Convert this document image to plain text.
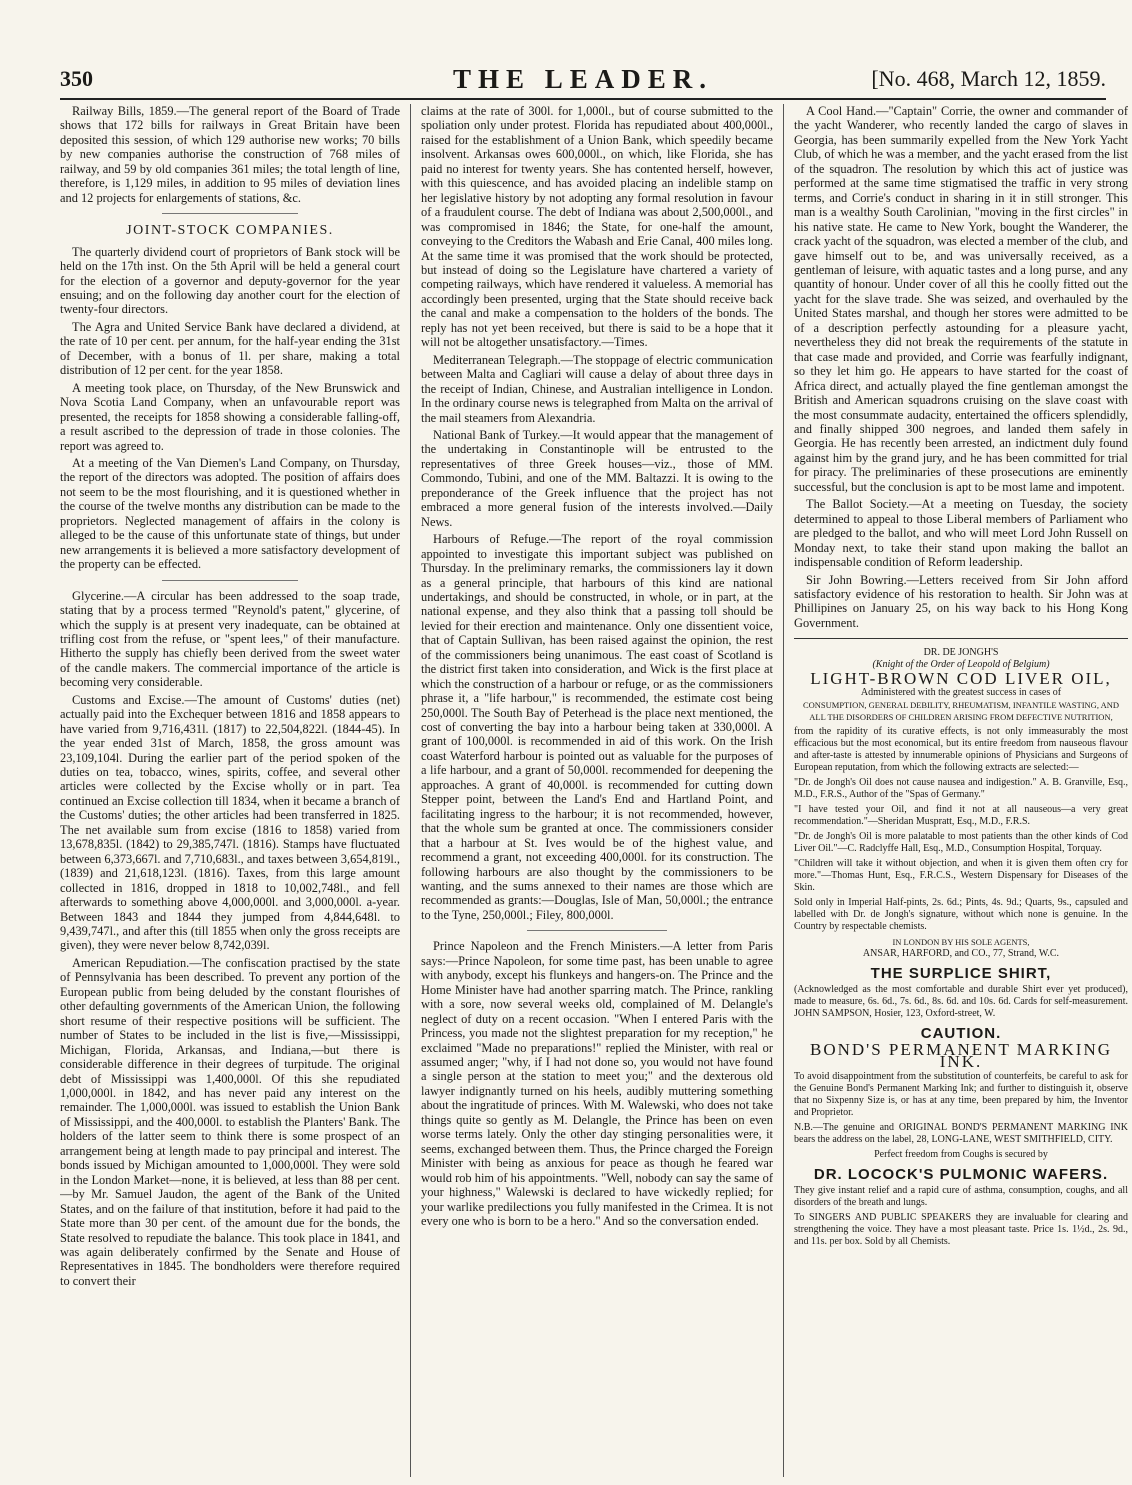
350	THE LEADER.	[No. 468, March 12, 1859.

Railway Bills, 1859.—The general report of the Board of Trade shows that 172 bills for railways in Great Britain have been deposited this session, of which 129 authorise new works; 70 bills by new companies authorise the construction of 768 miles of railway, and 59 by old companies 361 miles; the total length of line, therefore, is 1,129 miles, in addition to 95 miles of deviation lines and 12 projects for enlargements of stations, &c.

JOINT-STOCK COMPANIES.

The quarterly dividend court of proprietors of Bank stock will be held on the 17th inst. On the 5th April will be held a general court for the election of a governor and deputy-governor for the year ensuing; and on the following day another court for the election of twenty-four directors.

The Agra and United Service Bank have declared a dividend, at the rate of 10 per cent. per annum, for the half-year ending the 31st of December, with a bonus of 1l. per share, making a total distribution of 12 per cent. for the year 1858.

A meeting took place, on Thursday, of the New Brunswick and Nova Scotia Land Company, when an unfavourable report was presented, the receipts for 1858 showing a considerable falling-off, a result ascribed to the depression of trade in those colonies. The report was agreed to.

At a meeting of the Van Diemen's Land Company, on Thursday, the report of the directors was adopted. The position of affairs does not seem to be the most flourishing, and it is questioned whether in the course of the twelve months any distribution can be made to the proprietors. Neglected management of affairs in the colony is alleged to be the cause of this unfortunate state of things, but under new arrangements it is believed a more satisfactory development of the property can be effected.

Glycerine.—A circular has been addressed to the soap trade, stating that by a process termed "Reynold's patent," glycerine, of which the supply is at present very inadequate, can be obtained at trifling cost from the refuse, or "spent lees," of their manufacture. Hitherto the supply has chiefly been derived from the sweet water of the candle makers. The commercial importance of the article is becoming very considerable.

Customs and Excise.—The amount of Customs' duties (net) actually paid into the Exchequer between 1816 and 1858 appears to have varied from 9,716,431l. (1817) to 22,504,822l. (1844-45). In the year ended 31st of March, 1858, the gross amount was 23,109,104l. During the earlier part of the period spoken of the duties on tea, tobacco, wines, spirits, coffee, and several other articles were collected by the Excise wholly or in part. Tea continued an Excise collection till 1834, when it became a branch of the Customs' duties; the other articles had been transferred in 1825. The net available sum from excise (1816 to 1858) varied from 13,678,835l. (1842) to 29,385,747l. (1816). Stamps have fluctuated between 6,373,667l. and 7,710,683l., and taxes between 3,654,819l., (1839) and 21,618,123l. (1816). Taxes, from this large amount collected in 1816, dropped in 1818 to 10,002,748l., and fell afterwards to something above 4,000,000l. and 3,000,000l. a-year. Between 1843 and 1844 they jumped from 4,844,648l. to 9,439,747l., and after this (till 1855 when only the gross receipts are given), they were never below 8,742,039l.

American Repudiation.—The confiscation practised by the state of Pennsylvania has been described. To prevent any portion of the European public from being deluded by the constant flourishes of other defaulting governments of the American Union, the following short resume of their respective positions will be sufficient. The number of States to be included in the list is five,—Mississippi, Michigan, Florida, Arkansas, and Indiana,—but there is considerable difference in their degrees of turpitude. The original debt of Mississippi was 1,400,000l. Of this she repudiated 1,000,000l. in 1842, and has never paid any interest on the remainder. The 1,000,000l. was issued to establish the Union Bank of Mississippi, and the 400,000l. to establish the Planters' Bank. The holders of the latter seem to think there is some prospect of an arrangement being at length made to pay principal and interest. The bonds issued by Michigan amounted to 1,000,000l. They were sold in the London Market—none, it is believed, at less than 88 per cent.—by Mr. Samuel Jaudon, the agent of the Bank of the United States, and on the failure of that institution, before it had paid to the State more than 30 per cent. of the amount due for the bonds, the State resolved to repudiate the balance. This took place in 1841, and was again deliberately confirmed by the Senate and House of Representatives in 1845. The bondholders were therefore required to convert their

claims at the rate of 300l. for 1,000l., but of course submitted to the spoliation only under protest. Florida has repudiated about 400,000l., raised for the establishment of a Union Bank, which speedily became insolvent. Arkansas owes 600,000l., on which, like Florida, she has paid no interest for twenty years. She has contented herself, however, with this quiescence, and has avoided placing an indelible stamp on her legislative history by not adopting any formal resolution in favour of a fraudulent course. The debt of Indiana was about 2,500,000l., and was compromised in 1846; the State, for one-half the amount, conveying to the Creditors the Wabash and Erie Canal, 400 miles long. At the same time it was promised that the work should be protected, but instead of doing so the Legislature have chartered a variety of competing railways, which have rendered it valueless. A memorial has accordingly been presented, urging that the State should receive back the canal and make a compensation to the holders of the bonds. The reply has not yet been received, but there is said to be a hope that it will not be altogether unsatisfactory.—Times.

Mediterranean Telegraph.—The stoppage of electric communication between Malta and Cagliari will cause a delay of about three days in the receipt of Indian, Chinese, and Australian intelligence in London. In the ordinary course news is telegraphed from Malta on the arrival of the mail steamers from Alexandria.

National Bank of Turkey.—It would appear that the management of the undertaking in Constantinople will be entrusted to the representatives of three Greek houses—viz., those of MM. Commondo, Tubini, and one of the MM. Baltazzi. It is owing to the preponderance of the Greek influence that the project has not embraced a more general fusion of the interests involved.—Daily News.

Harbours of Refuge.—The report of the royal commission appointed to investigate this important subject was published on Thursday. In the preliminary remarks, the commissioners lay it down as a general principle, that harbours of this kind are national undertakings, and should be constructed, in whole, or in part, at the national expense, and they also think that a passing toll should be levied for their erection and maintenance. Only one dissentient voice, that of Captain Sullivan, has been raised against the opinion, the rest of the commissioners being unanimous. The east coast of Scotland is the district first taken into consideration, and Wick is the first place at which the construction of a harbour or refuge, or as the commissioners phrase it, a "life harbour," is recommended, the estimate cost being 250,000l. The South Bay of Peterhead is the place next mentioned, the cost of converting the bay into a harbour being taken at 330,000l. A grant of 100,000l. is recommended in aid of this work. On the Irish coast Waterford harbour is pointed out as valuable for the purposes of a life harbour, and a grant of 50,000l. recommended for deepening the approaches. A grant of 40,000l. is recommended for cutting down Stepper point, between the Land's End and Hartland Point, and facilitating ingress to the harbour; it is not recommended, however, that the whole sum be granted at once. The commissioners consider that a harbour at St. Ives would be of the highest value, and recommend a grant, not exceeding 400,000l. for its construction. The following harbours are also thought by the commissioners to be wanting, and the sums annexed to their names are those which are recommended as grants:—Douglas, Isle of Man, 50,000l.; the entrance to the Tyne, 250,000l.; Filey, 800,000l.

Prince Napoleon and the French Ministers.—A letter from Paris says:—Prince Napoleon, for some time past, has been unable to agree with anybody, except his flunkeys and hangers-on. The Prince and the Home Minister have had another sparring match. The Prince, rankling with a sore, now several weeks old, complained of M. Delangle's neglect of duty on a recent occasion. "When I entered Paris with the Princess, you made not the slightest preparation for my reception," he exclaimed "Made no preparations!" replied the Minister, with real or assumed anger; "why, if I had not done so, you would not have found a single person at the station to meet you;" and the dexterous old lawyer indignantly turned on his heels, audibly muttering something about the ingratitude of princes. With M. Walewski, who does not take things quite so gently as M. Delangle, the Prince has been on even worse terms lately. Only the other day stinging personalities were, it seems, exchanged between them. Thus, the Prince charged the Foreign Minister with being as anxious for peace as though he feared war would rob him of his appointments. "Well, nobody can say the same of your highness," Walewski is declared to have wickedly replied; for your warlike predilections you fully manifested in the Crimea. It is not every one who is born to be a hero." And so the conversation ended.

A Cool Hand.—"Captain" Corrie, the owner and commander of the yacht Wanderer, who recently landed the cargo of slaves in Georgia, has been summarily expelled from the New York Yacht Club, of which he was a member, and the yacht erased from the list of the squadron. The resolution by which this act of justice was performed at the same time stigmatised the traffic in very strong terms, and Corrie's conduct in sharing in it in still stronger. This man is a wealthy South Carolinian, "moving in the first circles" in his native state. He came to New York, bought the Wanderer, the crack yacht of the squadron, was elected a member of the club, and gave himself out to be, and was universally received, as a gentleman of leisure, with aquatic tastes and a long purse, and any quantity of honour. Under cover of all this he coolly fitted out the yacht for the slave trade. She was seized, and overhauled by the United States marshal, and though her stores were admitted to be of a description perfectly astounding for a pleasure yacht, nevertheless they did not break the requirements of the statute in that case made and provided, and Corrie was fearfully indignant, so they let him go. He appears to have started for the coast of Africa direct, and actually played the fine gentleman amongst the British and American squadrons cruising on the slave coast with the most consummate audacity, entertained the officers splendidly, and finally shipped 300 negroes, and landed them safely in Georgia. He has recently been arrested, an indictment duly found against him by the grand jury, and he has been committed for trial for piracy. The preliminaries of these prosecutions are eminently successful, but the conclusion is apt to be most lame and impotent.

The Ballot Society.—At a meeting on Tuesday, the society determined to appeal to those Liberal members of Parliament who are pledged to the ballot, and who will meet Lord John Russell on Monday next, to take their stand upon making the ballot an indispensable condition of Reform leadership.

Sir John Bowring.—Letters received from Sir John afford satisfactory evidence of his restoration to health. Sir John was at Phillipines on January 25, on his way back to his Hong Kong Government.

DR. DE JONGH'S
(Knight of the Order of Leopold of Belgium)
LIGHT-BROWN COD LIVER OIL,
Administered with the greatest success in cases of
CONSUMPTION, GENERAL DEBILITY, RHEUMATISM, INFANTILE WASTING, AND ALL THE DISORDERS OF CHILDREN ARISING FROM DEFECTIVE NUTRITION,

from the rapidity of its curative effects, is not only immeasurably the most efficacious but the most economical, but its entire freedom from nauseous flavour and after-taste is attested by innumerable opinions of Physicians and Surgeons of European reputation, from which the following extracts are selected:—

"Dr. de Jongh's Oil does not cause nausea and indigestion." A. B. Granville, Esq., M.D., F.R.S., Author of the "Spas of Germany."

"I have tested your Oil, and find it not at all nauseous—a very great recommendation."—Sheridan Muspratt, Esq., M.D., F.R.S.

"Dr. de Jongh's Oil is more palatable to most patients than the other kinds of Cod Liver Oil."—C. Radclyffe Hall, Esq., M.D., Consumption Hospital, Torquay.

"Children will take it without objection, and when it is given them often cry for more."—Thomas Hunt, Esq., F.R.C.S., Western Dispensary for Diseases of the Skin.

Sold only in Imperial Half-pints, 2s. 6d.; Pints, 4s. 9d.; Quarts, 9s., capsuled and labelled with Dr. de Jongh's signature, without which none is genuine. In the Country by respectable chemists.

IN LONDON BY HIS SOLE AGENTS,
ANSAR, HARFORD, and CO., 77, Strand, W.C.
THE SURPLICE SHIRT,

(Acknowledged as the most comfortable and durable Shirt ever yet produced), made to measure, 6s. 6d., 7s. 6d., 8s. 6d. and 10s. 6d. Cards for self-measurement. JOHN SAMPSON, Hosier, 123, Oxford-street, W.

CAUTION.
BOND'S PERMANENT MARKING INK.

To avoid disappointment from the substitution of counterfeits, be careful to ask for the Genuine Bond's Permanent Marking Ink; and further to distinguish it, observe that no Sixpenny Size is, or has at any time, been prepared by him, the Inventor and Proprietor.

N.B.—The genuine and ORIGINAL BOND'S PERMANENT MARKING INK bears the address on the label, 28, LONG-LANE, WEST SMITHFIELD, CITY.

Perfect freedom from Coughs is secured by
DR. LOCOCK'S PULMONIC WAFERS.

They give instant relief and a rapid cure of asthma, consumption, coughs, and all disorders of the breath and lungs.

To SINGERS AND PUBLIC SPEAKERS they are invaluable for clearing and strengthening the voice. They have a most pleasant taste. Price 1s. 1½d., 2s. 9d., and 11s. per box. Sold by all Chemists.
